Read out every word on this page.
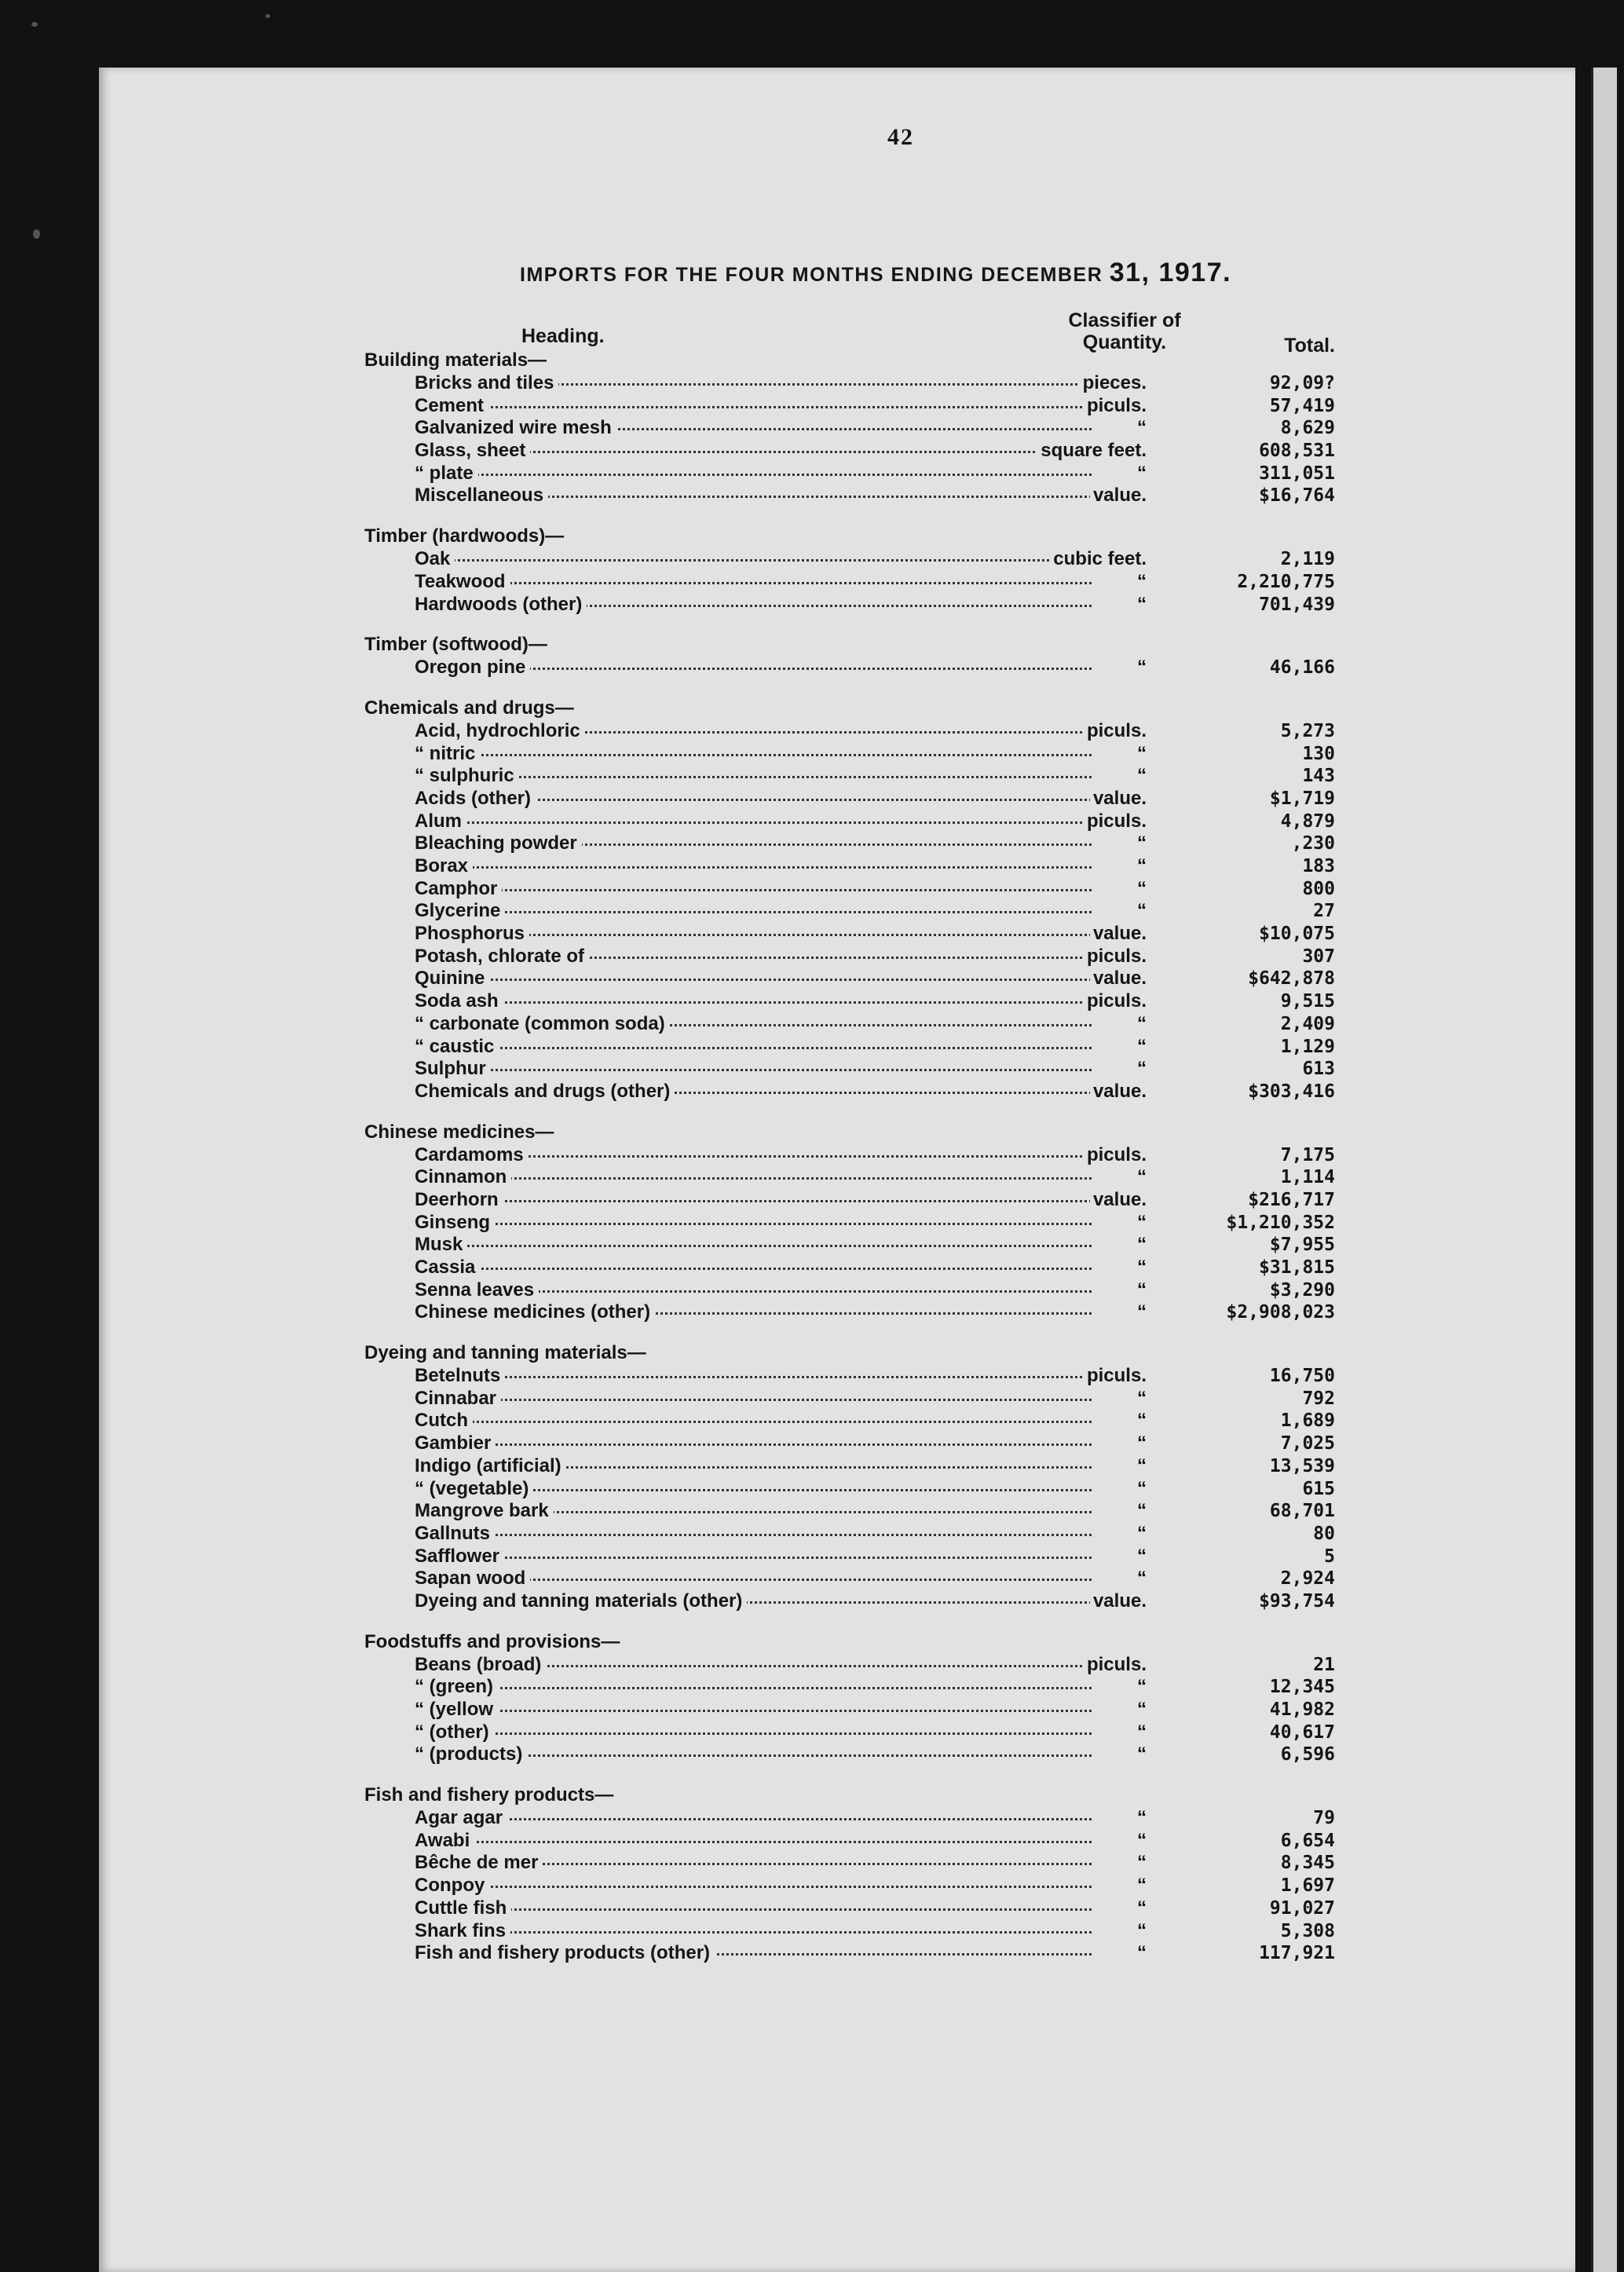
42
IMPORTS FOR THE FOUR MONTHS ENDING DECEMBER 31, 1917.
Heading.
Classifier of Quantity.	Total.
Building materials—
Bricks and tiles	pieces.	92,09?
Cement	piculs.	57,419
Galvanized wire mesh	“	8,629
Glass, sheet	square feet.	608,531
“ plate	“	311,051
Miscellaneous	value.	$16,764
Timber (hardwoods)—
Oak	cubic feet.	2,119
Teakwood	“	2,210,775
Hardwoods (other)	“	701,439
Timber (softwood)—
Oregon pine	“	46,166
Chemicals and drugs—
Acid, hydrochloric	piculs.	5,273
“ nitric	“	130
“ sulphuric	“	143
Acids (other)	value.	$1,719
Alum	piculs.	4,879
Bleaching powder	“	,230
Borax	“	183
Camphor	“	800
Glycerine	“	27
Phosphorus	value.	$10,075
Potash, chlorate of	piculs.	307
Quinine	value.	$642,878
Soda ash	piculs.	9,515
“ carbonate (common soda)	“	2,409
“ caustic	“	1,129
Sulphur	“	613
Chemicals and drugs (other)	value.	$303,416
Chinese medicines—
Cardamoms	piculs.	7,175
Cinnamon	“	1,114
Deerhorn	value.	$216,717
Ginseng	“	$1,210,352
Musk	“	$7,955
Cassia	“	$31,815
Senna leaves	“	$3,290
Chinese medicines (other)	“	$2,908,023
Dyeing and tanning materials—
Betelnuts	piculs.	16,750
Cinnabar	“	792
Cutch	“	1,689
Gambier	“	7,025
Indigo (artificial)	“	13,539
“ (vegetable)	“	615
Mangrove bark	“	68,701
Gallnuts	“	80
Safflower	“	5
Sapan wood	“	2,924
Dyeing and tanning materials (other)	value.	$93,754
Foodstuffs and provisions—
Beans (broad)	piculs.	21
“ (green)	“	12,345
“ (yellow	“	41,982
“ (other)	“	40,617
“ (products)	“	6,596
Fish and fishery products—
Agar agar	“	79
Awabi	“	6,654
Bêche de mer	“	8,345
Conpoy	“	1,697
Cuttle fish	“	91,027
Shark fins	“	5,308
Fish and fishery products (other)	“	117,921
